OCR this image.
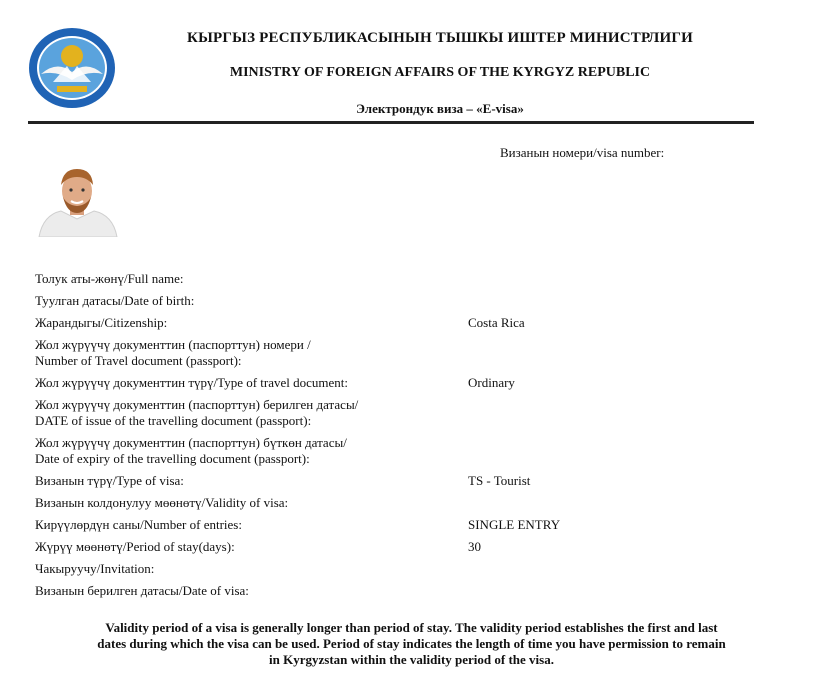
КЫРГЫЗ РЕСПУБЛИКАСЫНЫН ТЫШКЫ ИШТЕР МИНИСТРЛИГИ
MINISTRY OF FOREIGN AFFAIRS OF THE KYRGYZ REPUBLIC
Электрондук виза – «E-visa»
Визанын номери/visa number:
Толук аты-жөнү/Full name:
Туулган датасы/Date of birth:
Жарандыгы/Citizenship:
Жол жүрүүчү документтин (паспорттун) номери /
Number of Travel document (passport):
Жол жүрүүчү документтин түрү/Type of travel document:
Жол жүрүүчү документтин (паспорттун) берилген датасы/
DATE of issue of the travelling document (passport):
Жол жүрүүчү документтин (паспорттун) бүткөн датасы/
Date of expiry of the travelling document (passport):
Визанын түрү/Type of visa:
Визанын колдонулуу мөөнөтү/Validity of visa:
Кирүүлөрдүн саны/Number of entries:
Жүрүү мөөнөтү/Period of stay(days):
Чакыруучу/Invitation:
Визанын берилген датасы/Date of visa:
Costa Rica
Ordinary
TS - Tourist
SINGLE ENTRY
30
Validity period of a visa is generally longer than period of stay. The validity period establishes the first and last
dates during which the visa can be used. Period of stay indicates the length of time you have permission to remain
in Kyrgyzstan within the validity period of the visa.
